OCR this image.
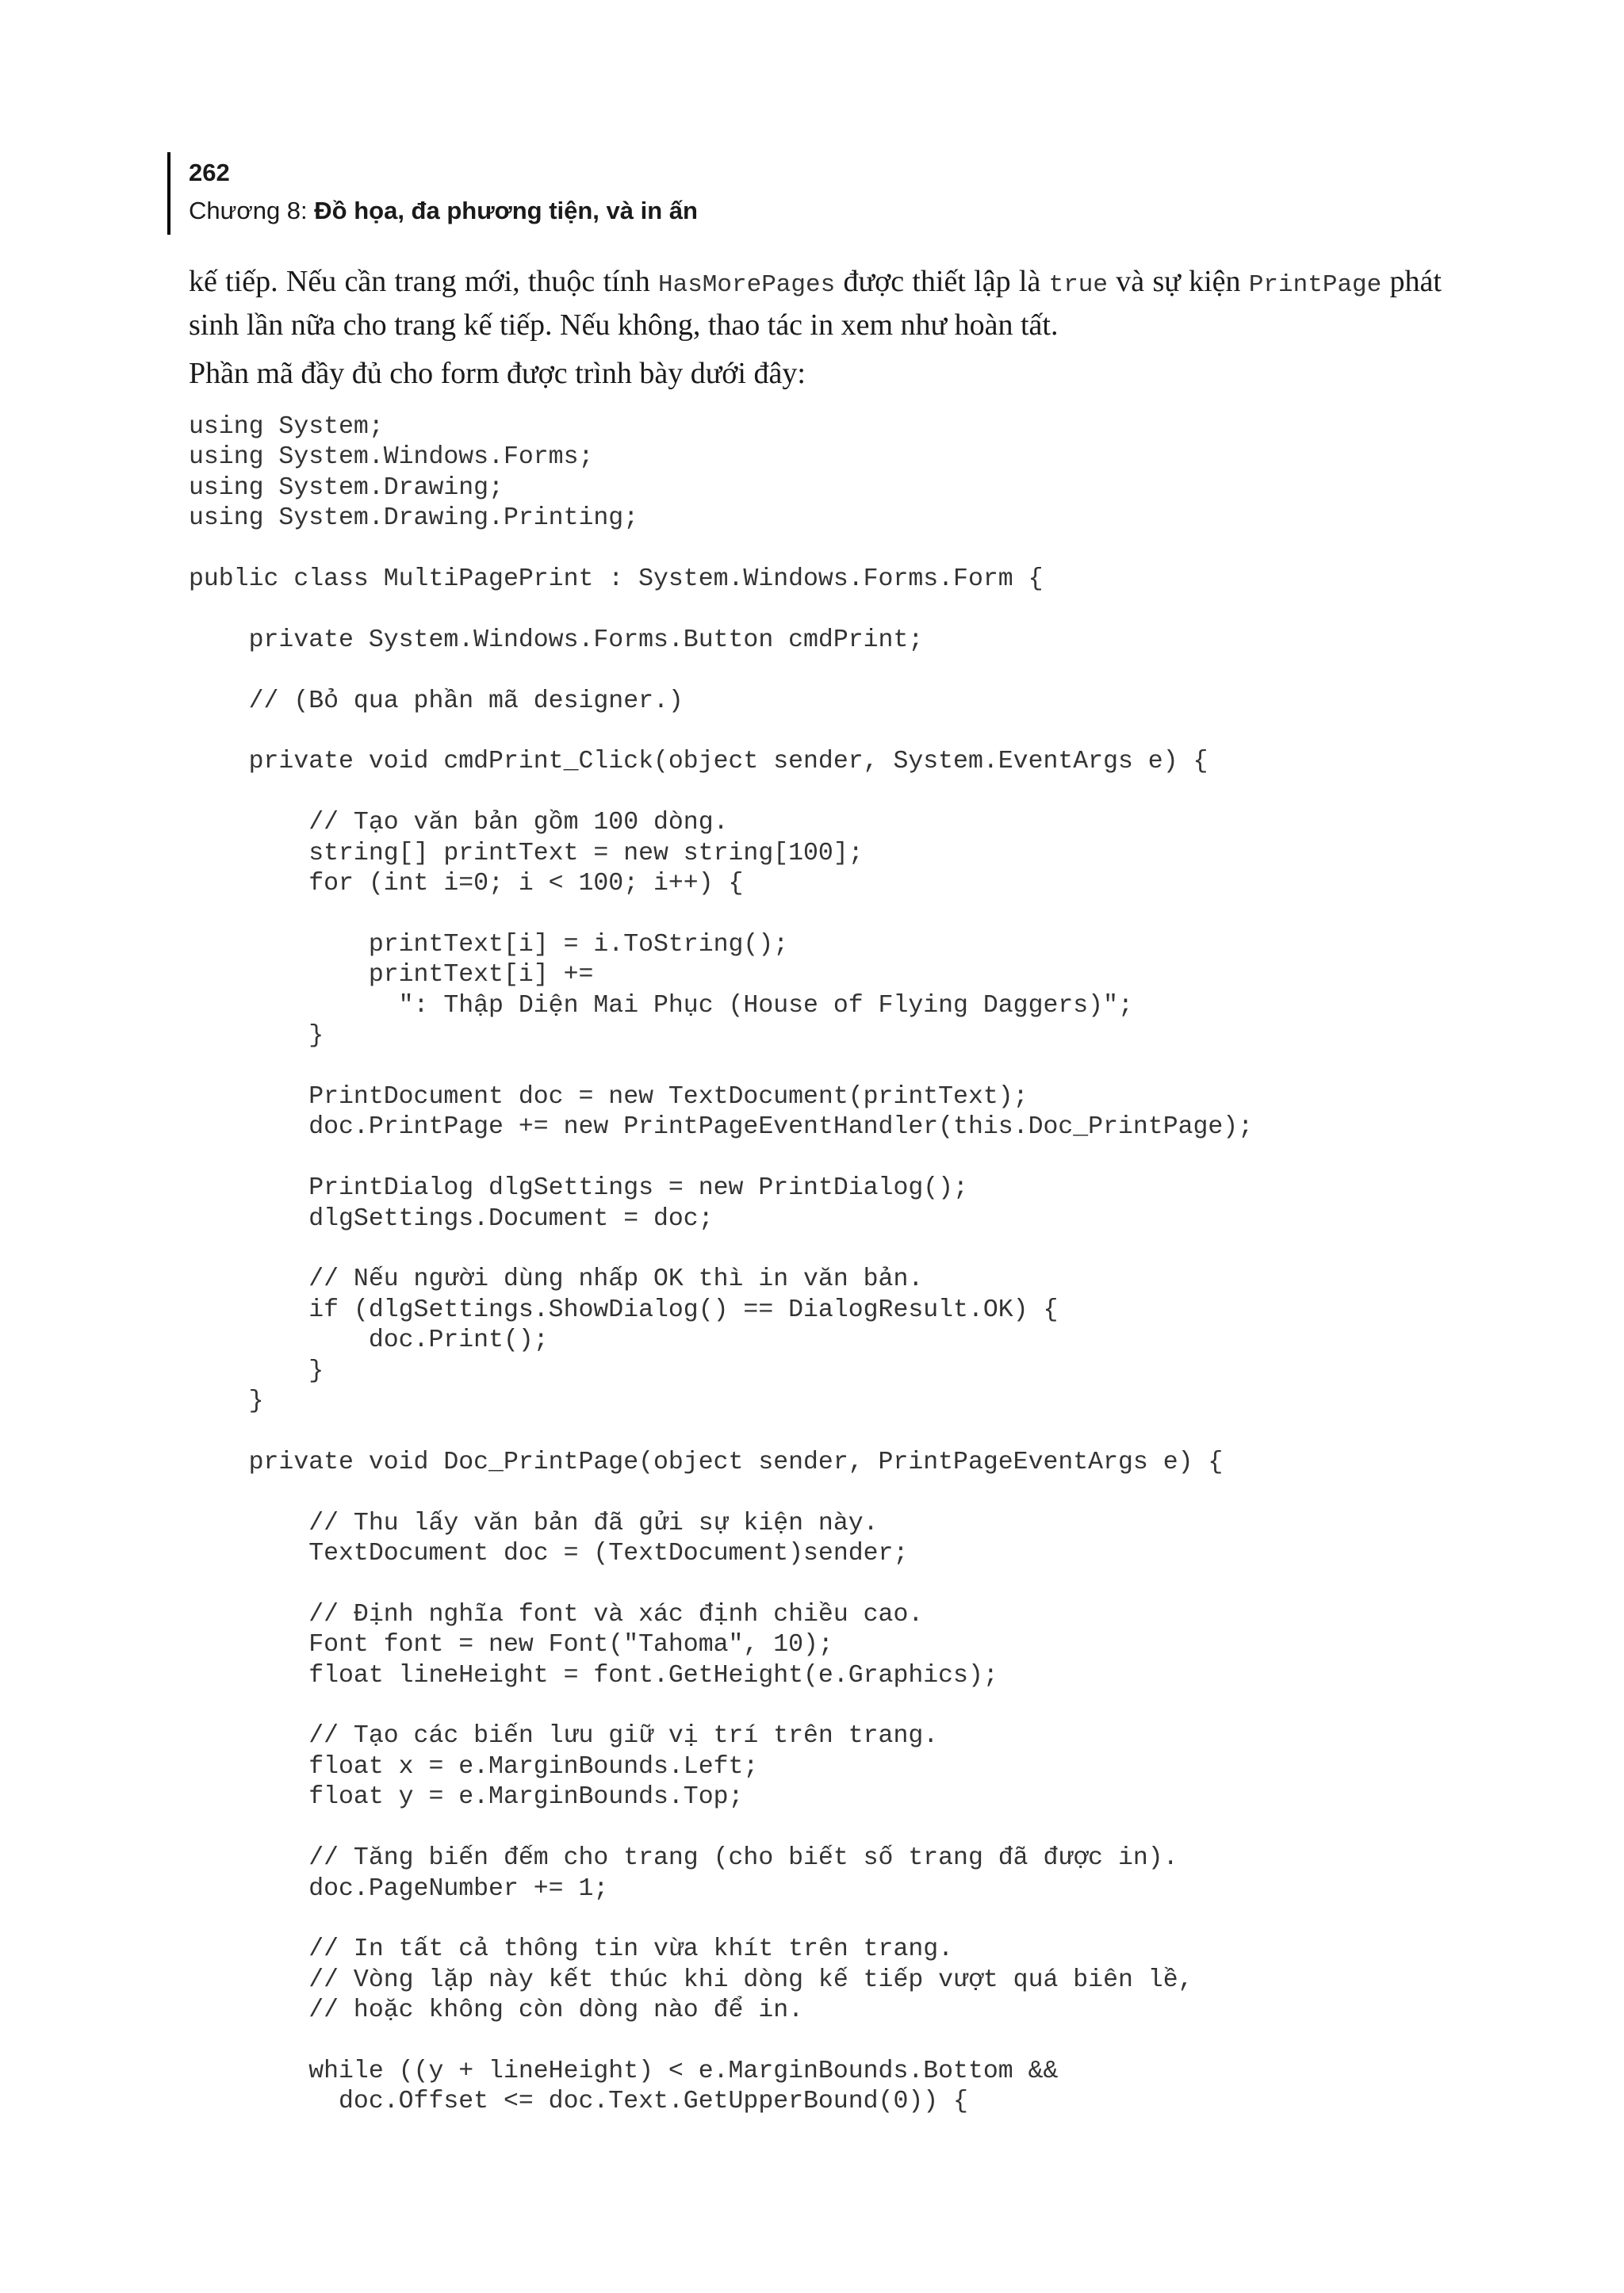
262

Chương 8: Đồ họa, đa phương tiện, và in ấn

kế tiếp. Nếu cần trang mới, thuộc tính HasMorePages được thiết lập là true và sự kiện PrintPage phát sinh lần nữa cho trang kế tiếp. Nếu không, thao tác in xem như hoàn tất.

Phần mã đầy đủ cho form được trình bày dưới đây:

using System;
using System.Windows.Forms;
using System.Drawing;
using System.Drawing.Printing;

public class MultiPagePrint : System.Windows.Forms.Form {

private System.Windows.Forms.Button cmdPrint;

// (Bỏ qua phần mã designer.)

private void cmdPrint_Click(object sender, System.EventArgs e) {

// Tạo văn bản gồm 100 dòng.
string[] printText = new string[100];
for (int i=0; i < 100; i++) {

printText[i] = i.ToString();
printText[i] +=
": Thập Diện Mai Phục (House of Flying Daggers)";
}

PrintDocument doc = new TextDocument(printText);
doc.PrintPage += new PrintPageEventHandler(this.Doc_PrintPage);

PrintDialog dlgSettings = new PrintDialog();
dlgSettings.Document = doc;

// Nếu người dùng nhấp OK thì in văn bản.
if (dlgSettings.ShowDialog() == DialogResult.OK) {
doc.Print();
}
}

private void Doc_PrintPage(object sender, PrintPageEventArgs e) {

// Thu lấy văn bản đã gửi sự kiện này.
TextDocument doc = (TextDocument)sender;

// Định nghĩa font và xác định chiều cao.
Font font = new Font("Tahoma", 10);
float lineHeight = font.GetHeight(e.Graphics);

// Tạo các biến lưu giữ vị trí trên trang.
float x = e.MarginBounds.Left;
float y = e.MarginBounds.Top;

// Tăng biến đếm cho trang (cho biết số trang đã được in).
doc.PageNumber += 1;

// In tất cả thông tin vừa khít trên trang.
// Vòng lặp này kết thúc khi dòng kế tiếp vượt quá biên lề,
// hoặc không còn dòng nào để in.

while ((y + lineHeight) < e.MarginBounds.Bottom &&
doc.Offset <= doc.Text.GetUpperBound(0)) {
